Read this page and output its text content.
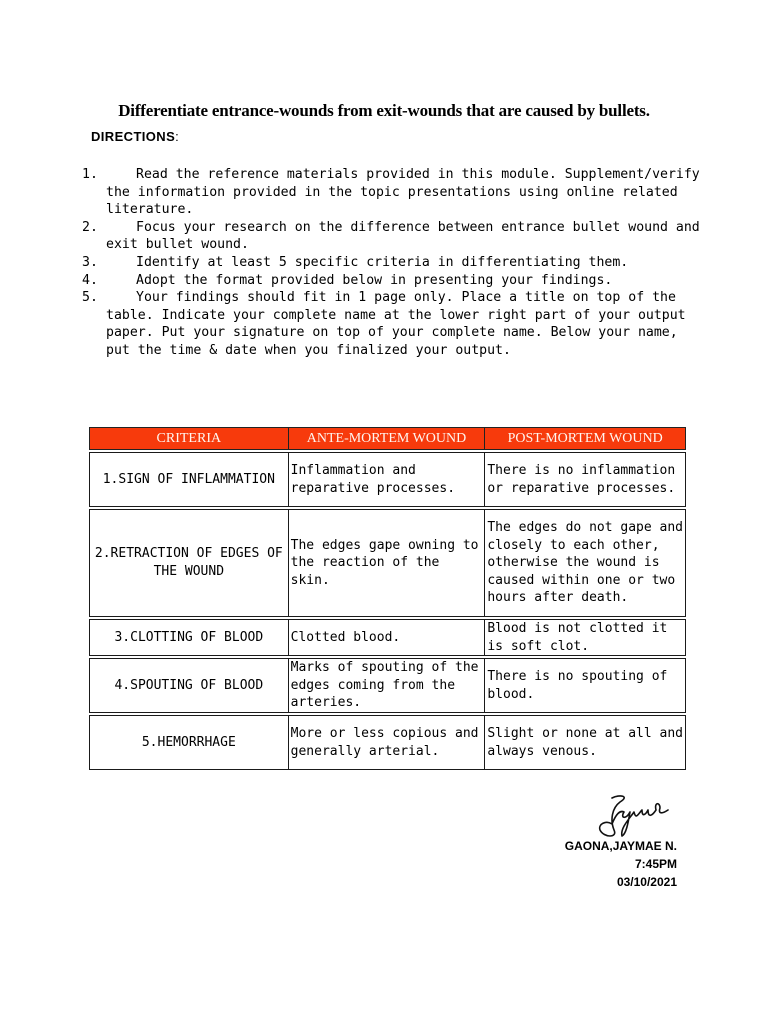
Differentiate entrance-wounds from exit-wounds that are caused by bullets.
DIRECTIONS:
1.	Read the reference materials provided in this module. Supplement/verify the information provided in the topic presentations using online related literature.
2.	Focus your research on the difference between entrance bullet wound and exit bullet wound.
3.	Identify at least 5 specific criteria in differentiating them.
4.	Adopt the format provided below in presenting your findings.
5.	Your findings should fit in 1 page only. Place a title on top of the table. Indicate your complete name at the lower right part of your output paper. Put your signature on top of your complete name. Below your name, put the time & date when you finalized your output.
CRITERIA	ANTE-MORTEM WOUND	POST-MORTEM WOUND
1.SIGN OF INFLAMMATION	Inflammation and reparative processes.	There is no inflammation or reparative processes.
2.RETRACTION OF EDGES OF THE WOUND	The edges gape owning to the reaction of the skin.	The edges do not gape and closely to each other, otherwise the wound is caused within one or two hours after death.
3.CLOTTING OF BLOOD	Clotted blood.	Blood is not clotted it is soft clot.
4.SPOUTING OF BLOOD	Marks of spouting of the edges coming from the arteries.	There is no spouting of blood.
5.HEMORRHAGE	More or less copious and generally arterial.	Slight or none at all and always venous.
GAONA,JAYMAE N.
7:45PM
03/10/2021
